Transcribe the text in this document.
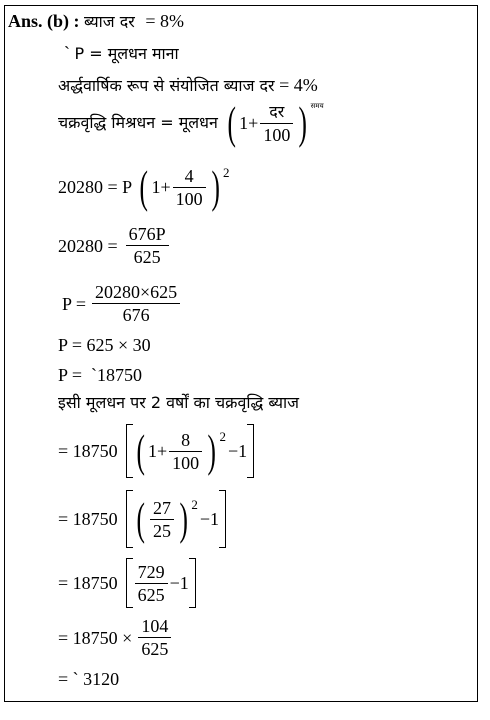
Ans. (b) : ब्याज दर = 8%
` P = मूलधन माना
अर्द्धवार्षिक रूप से संयोजित ब्याज दर = 4%
चक्रवृद्धि मिश्रधन = मूलधन ( $1+ \frac{\text{दर}}{100}$ ) समय
20280 = P ( $1+ \frac{4}{100}$ ) 2
$20280 = \frac{676P}{625}$
$P = \frac{20280\times 625}{676}$
P = 625 × 30
P =  `18750
इसी मूलधन पर 2 वर्षों का चक्रवृद्धि ब्याज
= 18750 ( $1+ \frac{8}{100}$ ) 2
−1
= 18750 ( $\frac{27}{25}$ ) 2
−1
= $18750 \frac{729}{625} -1$
= $18750 \times \frac{104}{625}$
= ` 3120
